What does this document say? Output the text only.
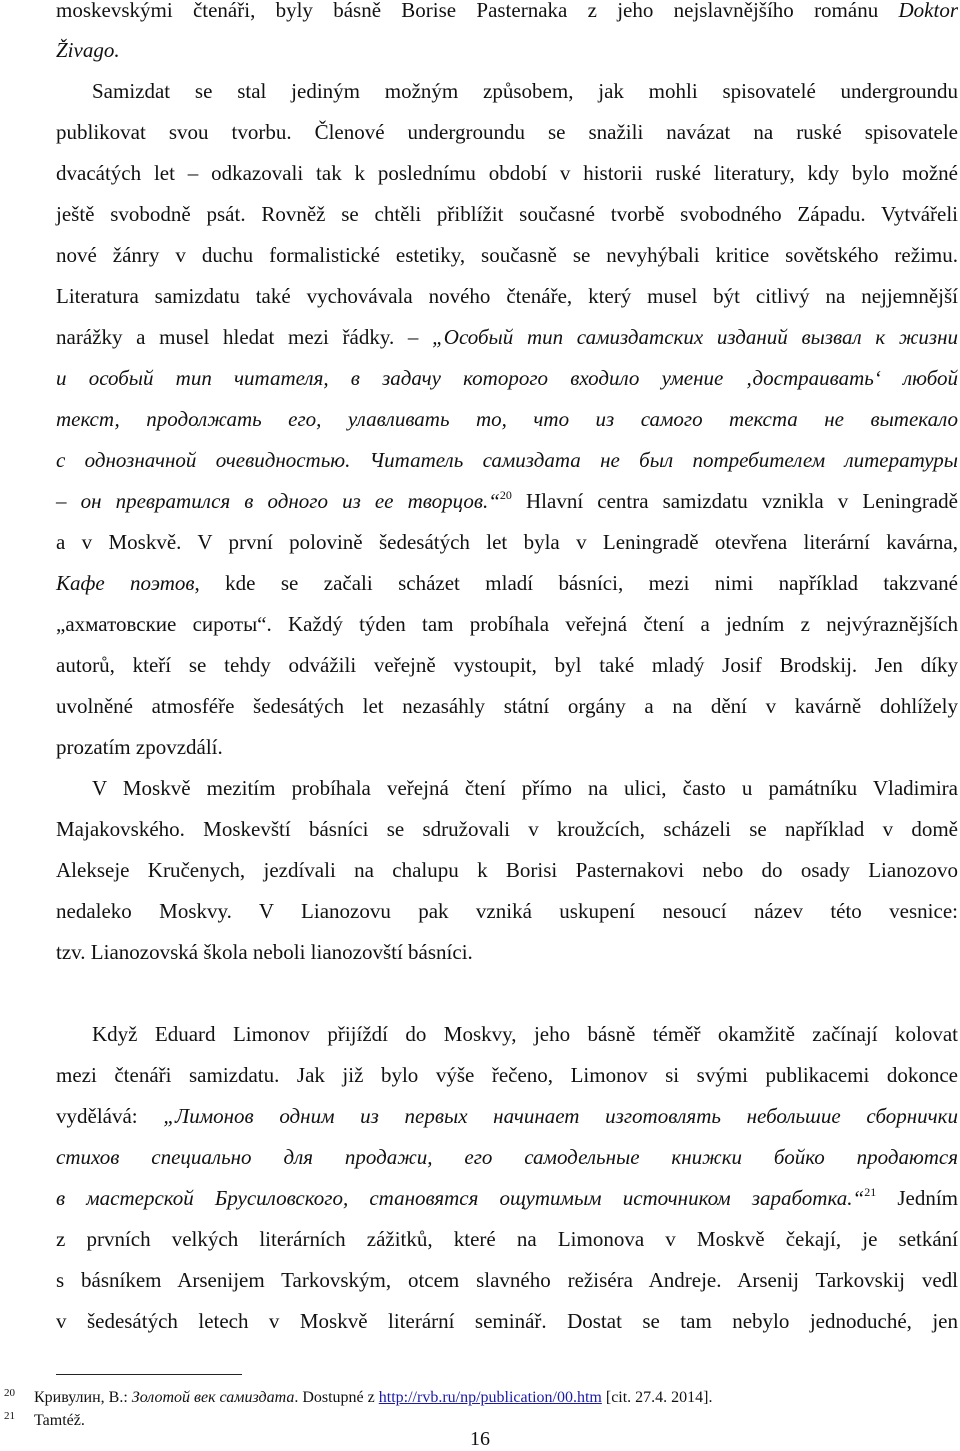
moskevskými čtenáři, byly básně Borise Pasternaka z jeho nejslavnějšího románu Doktor
Živago.
Samizdat se stal jediným možným způsobem, jak mohli spisovatelé undergroundu
publikovat svou tvorbu. Členové undergroundu se snažili navázat na ruské spisovatele
dvacátých let – odkazovali tak k poslednímu období v historii ruské literatury, kdy bylo možné
ještě svobodně psát. Rovněž se chtěli přiblížit současné tvorbě svobodného Západu. Vytvářeli
nové žánry v duchu formalistické estetiky, současně se nevyhýbali kritice sovětského režimu.
Literatura samizdatu také vychovávala nového čtenáře, který musel být citlivý na nejjemnější
narážky a musel hledat mezi řádky. – „Особый тип самиздатских изданий вызвал к жизни
и особый тип читателя, в задачу которого входило умение ‚достраивать‘ любой
текст, продолжать его, улавливать то, что из самого текста не вытекало
с однозначной очевидностью. Читатель самиздата не был потребителем литературы
– он превратился в одного из ее творцов.“$^{20}$ Hlavní centra samizdatu vznikla v Leningradě
a v Moskvě. V první polovině šedesátých let byla v Leningradě otevřena literární kavárna,
Кафе поэтов, kde se začali scházet mladí básníci, mezi nimi například takzvané
„ахматовские сироты“. Každý týden tam probíhala veřejná čtení a jedním z nejvýraznějších
autorů, kteří se tehdy odvážili veřejně vystoupit, byl také mladý Josif Brodskij. Jen díky
uvolněné atmosféře šedesátých let nezasáhly státní orgány a na dění v kavárně dohlížely
prozatím zpovzdálí.
V Moskvě mezitím probíhala veřejná čtení přímo na ulici, často u památníku Vladimira
Majakovského. Moskevští básníci se sdružovali v kroužcích, scházeli se například v domě
Alekseje Kručenych, jezdívali na chalupu k Borisi Pasternakovi nebo do osady Lianozovo
nedaleko Moskvy. V Lianozovu pak vzniká uskupení nesoucí název této vesnice:
tzv. Lianozovská škola neboli lianozovští básníci.
Když Eduard Limonov přijíždí do Moskvy, jeho básně téměř okamžitě začínají kolovat
mezi čtenáři samizdatu. Jak již bylo výše řečeno, Limonov si svými publikacemi dokonce
vydělává: „Лимонов одним из первых начинает изготовлять небольшие сборнички
стихов специально для продажи, его самодельные книжки бойко продаются
в мастерской Брусиловского, становятся ощутимым источником заработка.“$^{21}$ Jedním
z prvních velkých literárních zážitků, které na Limonova v Moskvě čekají, je setkání
s básníkem Arsenijem Tarkovským, otcem slavného režiséra Andreje. Arsenij Tarkovskij vedl
v šedesátých letech v Moskvě literární seminář. Dostat se tam nebylo jednoduché, jen
20 Кривулин, В.: Золотой век самиздата. Dostupné z http://rvb.ru/np/publication/00.htm [cit. 27.4. 2014].
21 Tamtéž.
16
